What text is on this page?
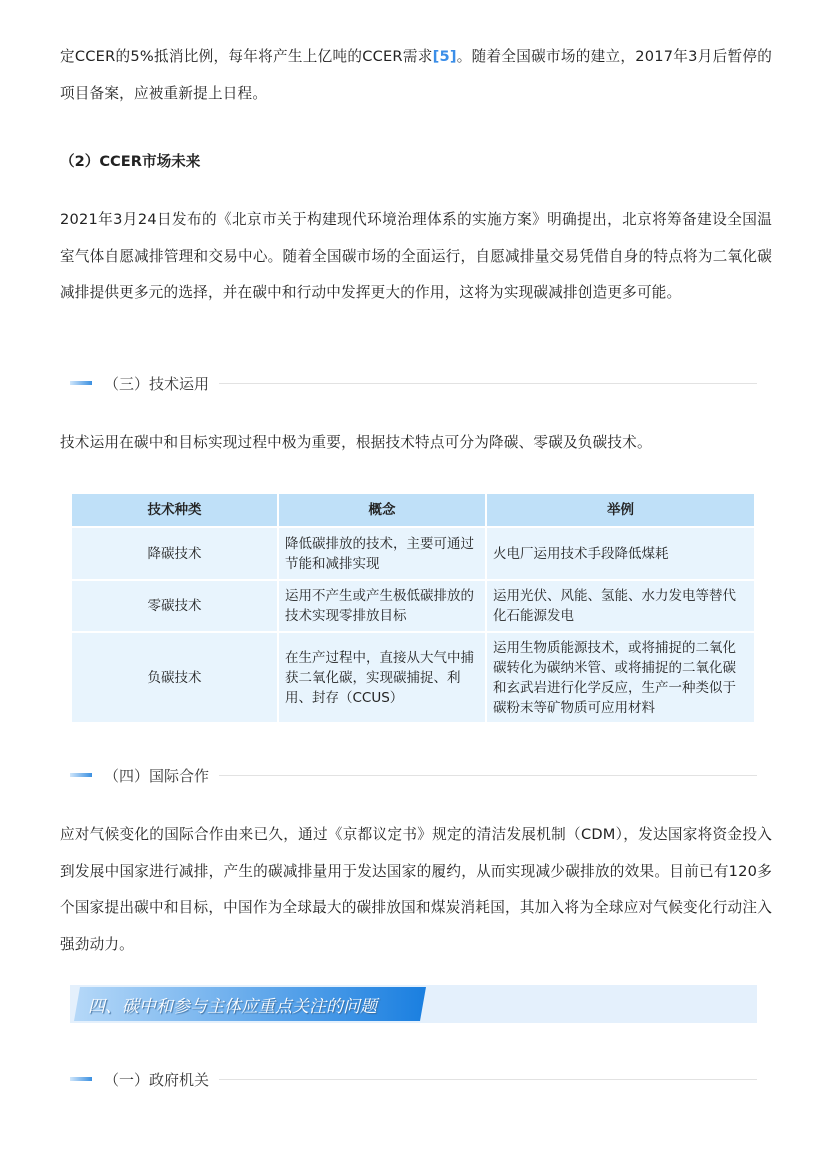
定CCER的5%抵消比例，每年将产生上亿吨的CCER需求[5]。随着全国碳市场的建立，2017年3月后暂停的项目备案，应被重新提上日程。
（2）CCER市场未来
2021年3月24日发布的《北京市关于构建现代环境治理体系的实施方案》明确提出，北京将筹备建设全国温室气体自愿减排管理和交易中心。随着全国碳市场的全面运行，自愿减排量交易凭借自身的特点将为二氧化碳减排提供更多元的选择，并在碳中和行动中发挥更大的作用，这将为实现碳减排创造更多可能。
（三）技术运用
技术运用在碳中和目标实现过程中极为重要，根据技术特点可分为降碳、零碳及负碳技术。
技术种类	概念	举例
降碳技术	降低碳排放的技术，主要可通过节能和减排实现	火电厂运用技术手段降低煤耗
零碳技术	运用不产生或产生极低碳排放的技术实现零排放目标	运用光伏、风能、氢能、水力发电等替代化石能源发电
负碳技术	在生产过程中，直接从大气中捕获二氧化碳，实现碳捕捉、利用、封存（CCUS）	运用生物质能源技术，或将捕捉的二氧化碳转化为碳纳米管、或将捕捉的二氧化碳和玄武岩进行化学反应，生产一种类似于碳粉末等矿物质可应用材料
（四）国际合作
应对气候变化的国际合作由来已久，通过《京都议定书》规定的清洁发展机制（CDM），发达国家将资金投入到发展中国家进行减排，产生的碳减排量用于发达国家的履约，从而实现减少碳排放的效果。目前已有120多个国家提出碳中和目标，中国作为全球最大的碳排放国和煤炭消耗国，其加入将为全球应对气候变化行动注入强劲动力。
四、碳中和参与主体应重点关注的问题
（一）政府机关
